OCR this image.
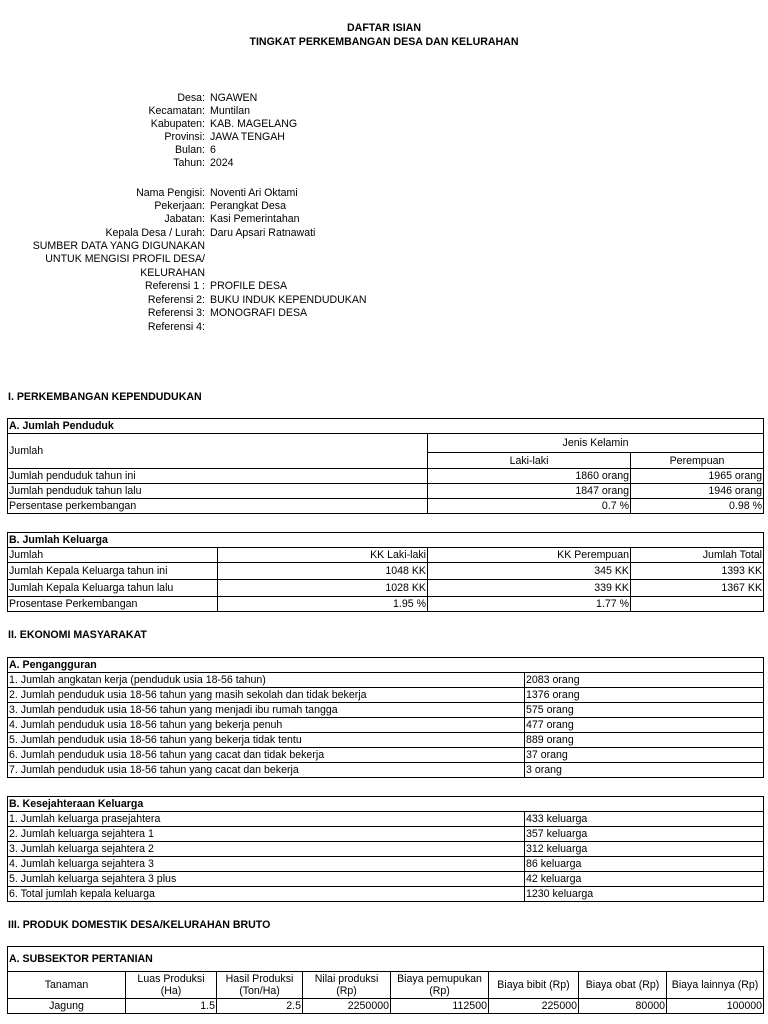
DAFTAR ISIAN
TINGKAT PERKEMBANGAN DESA DAN KELURAHAN
Desa: NGAWEN
Kecamatan: Muntilan
Kabupaten: KAB. MAGELANG
Provinsi: JAWA TENGAH
Bulan: 6
Tahun: 2024
Nama Pengisi: Noventi Ari Oktami
Pekerjaan: Perangkat Desa
Jabatan: Kasi Pemerintahan
Kepala Desa / Lurah: Daru Apsari Ratnawati
SUMBER DATA YANG DIGUNAKAN
UNTUK MENGISI PROFIL DESA/
KELURAHAN
Referensi 1 : PROFILE DESA
Referensi 2: BUKU INDUK KEPENDUDUKAN
Referensi 3: MONOGRAFI DESA
Referensi 4:
I. PERKEMBANGAN KEPENDUDUKAN
A. Jumlah Penduduk		
Jumlah	Jenis Kelamin	
	Laki-laki	Perempuan
Jumlah penduduk tahun ini	1860 orang	1965 orang
Jumlah penduduk tahun lalu	1847 orang	1946 orang
Persentase perkembangan	0.7 %	0.98 %
B. Jumlah Keluarga			
Jumlah	KK Laki-laki	KK Perempuan	Jumlah Total
Jumlah Kepala Keluarga tahun ini	1048 KK	345 KK	1393 KK
Jumlah Kepala Keluarga tahun lalu	1028 KK	339 KK	1367 KK
Prosentase Perkembangan	1.95 %	1.77 %	
II. EKONOMI MASYARAKAT
A. Pengangguran	
1. Jumlah angkatan kerja (penduduk usia 18-56 tahun)	2083 orang
2. Jumlah penduduk usia 18-56 tahun yang masih sekolah dan tidak bekerja	1376 orang
3. Jumlah penduduk usia 18-56 tahun yang menjadi ibu rumah tangga	575 orang
4. Jumlah penduduk usia 18-56 tahun yang bekerja penuh	477 orang
5. Jumlah penduduk usia 18-56 tahun yang bekerja tidak tentu	889 orang
6. Jumlah penduduk usia 18-56 tahun yang cacat dan tidak bekerja	37 orang
7. Jumlah penduduk usia 18-56 tahun yang cacat dan bekerja	3 orang
B. Kesejahteraan Keluarga	
1. Jumlah keluarga prasejahtera	433 keluarga
2. Jumlah keluarga sejahtera 1	357 keluarga
3. Jumlah keluarga sejahtera 2	312 keluarga
4. Jumlah keluarga sejahtera 3	86 keluarga
5. Jumlah keluarga sejahtera 3 plus	42 keluarga
6. Total jumlah kepala keluarga	1230 keluarga
III. PRODUK DOMESTIK DESA/KELURAHAN BRUTO
A. SUBSEKTOR PERTANIAN							
Tanaman	Luas Produksi (Ha)	Hasil Produksi (Ton/Ha)	Nilai produksi (Rp)	Biaya pemupukan (Rp)	Biaya bibit (Rp)	Biaya obat (Rp)	Biaya lainnya (Rp)
Jagung	1.5	2.5	2250000	112500	225000	80000	100000
